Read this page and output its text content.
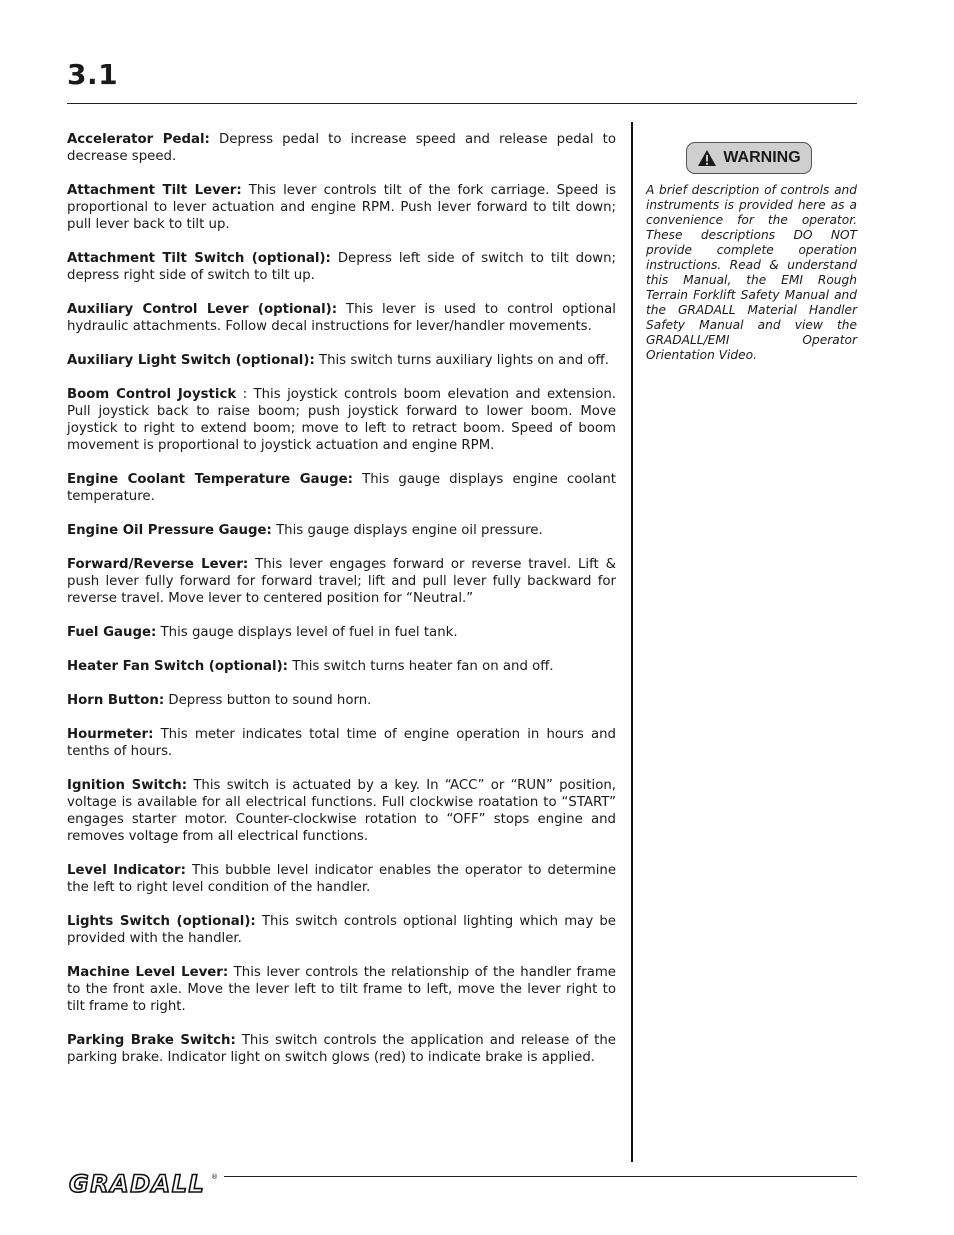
3.1
Accelerator Pedal: Depress pedal to increase speed and release pedal to decrease speed.
Attachment Tilt Lever: This lever controls tilt of the fork carriage. Speed is proportional to lever actuation and engine RPM. Push lever forward to tilt down; pull lever back to tilt up.
Attachment Tilt Switch (optional): Depress left side of switch to tilt down; depress right side of switch to tilt up.
Auxiliary Control Lever (optional): This lever is used to control optional hydraulic attachments. Follow decal instructions for lever/handler movements.
Auxiliary Light Switch (optional): This switch turns auxiliary lights on and off.
Boom Control Joystick : This joystick controls boom elevation and extension. Pull joystick back to raise boom; push joystick forward to lower boom. Move joystick to right to extend boom; move to left to retract boom. Speed of boom movement is proportional to joystick actuation and engine RPM.
Engine Coolant Temperature Gauge: This gauge displays engine coolant temperature.
Engine Oil Pressure Gauge: This gauge displays engine oil pressure.
Forward/Reverse Lever: This lever engages forward or reverse travel. Lift & push lever fully forward for forward travel; lift and pull lever fully backward for reverse travel. Move lever to centered position for “Neutral.”
Fuel Gauge: This gauge displays level of fuel in fuel tank.
Heater Fan Switch (optional): This switch turns heater fan on and off.
Horn Button: Depress button to sound horn.
Hourmeter: This meter indicates total time of engine operation in hours and tenths of hours.
Ignition Switch: This switch is actuated by a key. In “ACC” or “RUN” position, voltage is available for all electrical functions. Full clockwise roatation to “START” engages starter motor. Counter-clockwise rotation to “OFF” stops engine and removes voltage from all electrical functions.
Level Indicator: This bubble level indicator enables the operator to determine the left to right level condition of the handler.
Lights Switch (optional): This switch controls optional lighting which may be provided with the handler.
Machine Level Lever: This lever controls the relationship of the handler frame to the front axle. Move the lever left to tilt frame to left, move the lever right to tilt frame to right.
Parking Brake Switch: This switch controls the application and release of the parking brake. Indicator light on switch glows (red) to indicate brake is applied.
WARNING
A brief description of controls and instruments is provided here as a convenience for the operator. These descriptions DO NOT provide complete operation instructions. Read & understand this Manual, the EMI Rough Terrain Forklift Safety Manual and the GRADALL Material Handler Safety Manual and view the GRADALL/EMI Operator Orientation Video.
GRADALL ®
